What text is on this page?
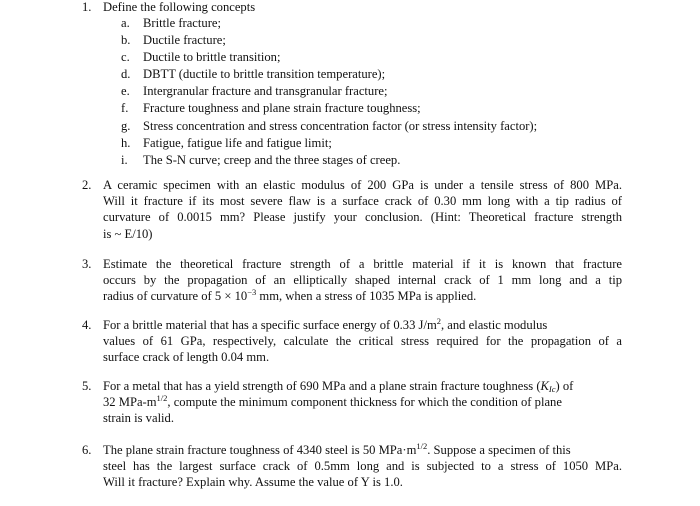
1. Define the following concepts
a. Brittle fracture;
b. Ductile fracture;
c. Ductile to brittle transition;
d. DBTT (ductile to brittle transition temperature);
e. Intergranular fracture and transgranular fracture;
f. Fracture toughness and plane strain fracture toughness;
g. Stress concentration and stress concentration factor (or stress intensity factor);
h. Fatigue, fatigue life and fatigue limit;
i. The S-N curve; creep and the three stages of creep.
2. A ceramic specimen with an elastic modulus of 200 GPa is under a tensile stress of 800 MPa.
Will it fracture if its most severe flaw is a surface crack of 0.30 mm long with a tip radius of
curvature of 0.0015 mm? Please justify your conclusion. (Hint: Theoretical fracture strength
is ~ E/10)
3. Estimate the theoretical fracture strength of a brittle material if it is known that fracture
occurs by the propagation of an elliptically shaped internal crack of 1 mm long and a tip
radius of curvature of $5 \times 10^{-3}$ mm, when a stress of 1035 MPa is applied.
4. For a brittle material that has a specific surface energy of 0.33 $J/m^2$, and elastic modulus
values of 61 GPa, respectively, calculate the critical stress required for the propagation of a
surface crack of length 0.04 mm.
5. For a metal that has a yield strength of 690 MPa and a plane strain fracture toughness $(K_{Ic})$ of
32 MPa-$m^{1/2}$, compute the minimum component thickness for which the condition of plane
strain is valid.
6. The plane strain fracture toughness of 4340 steel is 50 $MPa\cdot m^{1/2}$. Suppose a specimen of this
steel has the largest surface crack of 0.5mm long and is subjected to a stress of 1050 MPa.
Will it fracture? Explain why. Assume the value of Y is 1.0.
